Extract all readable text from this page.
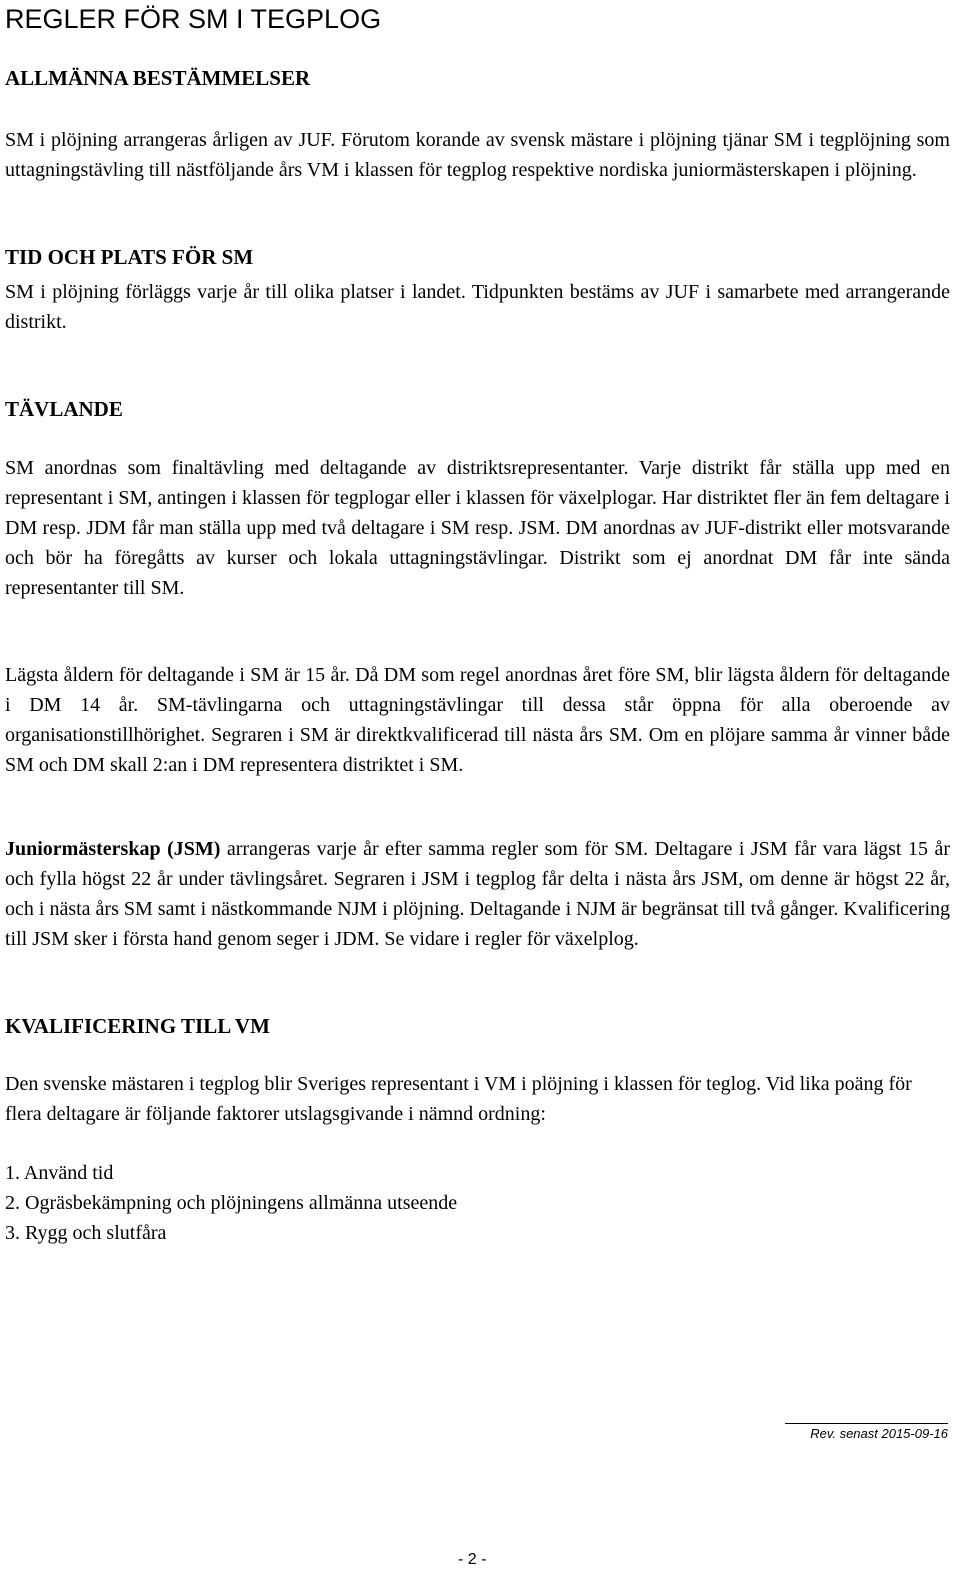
REGLER FÖR SM I TEGPLOG
ALLMÄNNA BESTÄMMELSER
SM i plöjning arrangeras årligen av JUF. Förutom korande av svensk mästare i plöjning tjänar SM i tegplöjning som uttagningstävling till nästföljande års VM i klassen för tegplog respektive nordiska juniormästerskapen i plöjning.
TID OCH PLATS FÖR SM
SM i plöjning förläggs varje år till olika platser i landet. Tidpunkten bestäms av JUF i samarbete med arrangerande distrikt.
TÄVLANDE
SM anordnas som finaltävling med deltagande av distriktsrepresentanter. Varje distrikt får ställa upp med en representant i SM, antingen i klassen för tegplogar eller i klassen för växelplogar. Har distriktet fler än fem deltagare i DM resp. JDM får man ställa upp med två deltagare i SM resp. JSM. DM anordnas av JUF-distrikt eller motsvarande och bör ha föregåtts av kurser och lokala uttagningstävlingar. Distrikt som ej anordnat DM får inte sända representanter till SM.
Lägsta åldern för deltagande i SM är 15 år. Då DM som regel anordnas året före SM, blir lägsta åldern för deltagande i DM 14 år. SM-tävlingarna och uttagningstävlingar till dessa står öppna för alla oberoende av organisationstillhörighet. Segraren i SM är direktkvalificerad till nästa års SM. Om en plöjare samma år vinner både SM och DM skall 2:an i DM representera distriktet i SM.
Juniormästerskap (JSM) arrangeras varje år efter samma regler som för SM. Deltagare i JSM får vara lägst 15 år och fylla högst 22 år under tävlingsåret. Segraren i JSM i tegplog får delta i nästa års JSM, om denne är högst 22 år, och i nästa års SM samt i nästkommande NJM i plöjning. Deltagande i NJM är begränsat till två gånger. Kvalificering till JSM sker i första hand genom seger i JDM. Se vidare i regler för växelplog.
KVALIFICERING TILL VM
Den svenske mästaren i tegplog blir Sveriges representant i VM i plöjning i klassen för teglog. Vid lika poäng för flera deltagare är följande faktorer utslagsgivande i nämnd ordning:
1. Använd tid
2. Ogräsbekämpning och plöjningens allmänna utseende
3. Rygg och slutfåra
Rev. senast 2015-09-16
- 2 -
